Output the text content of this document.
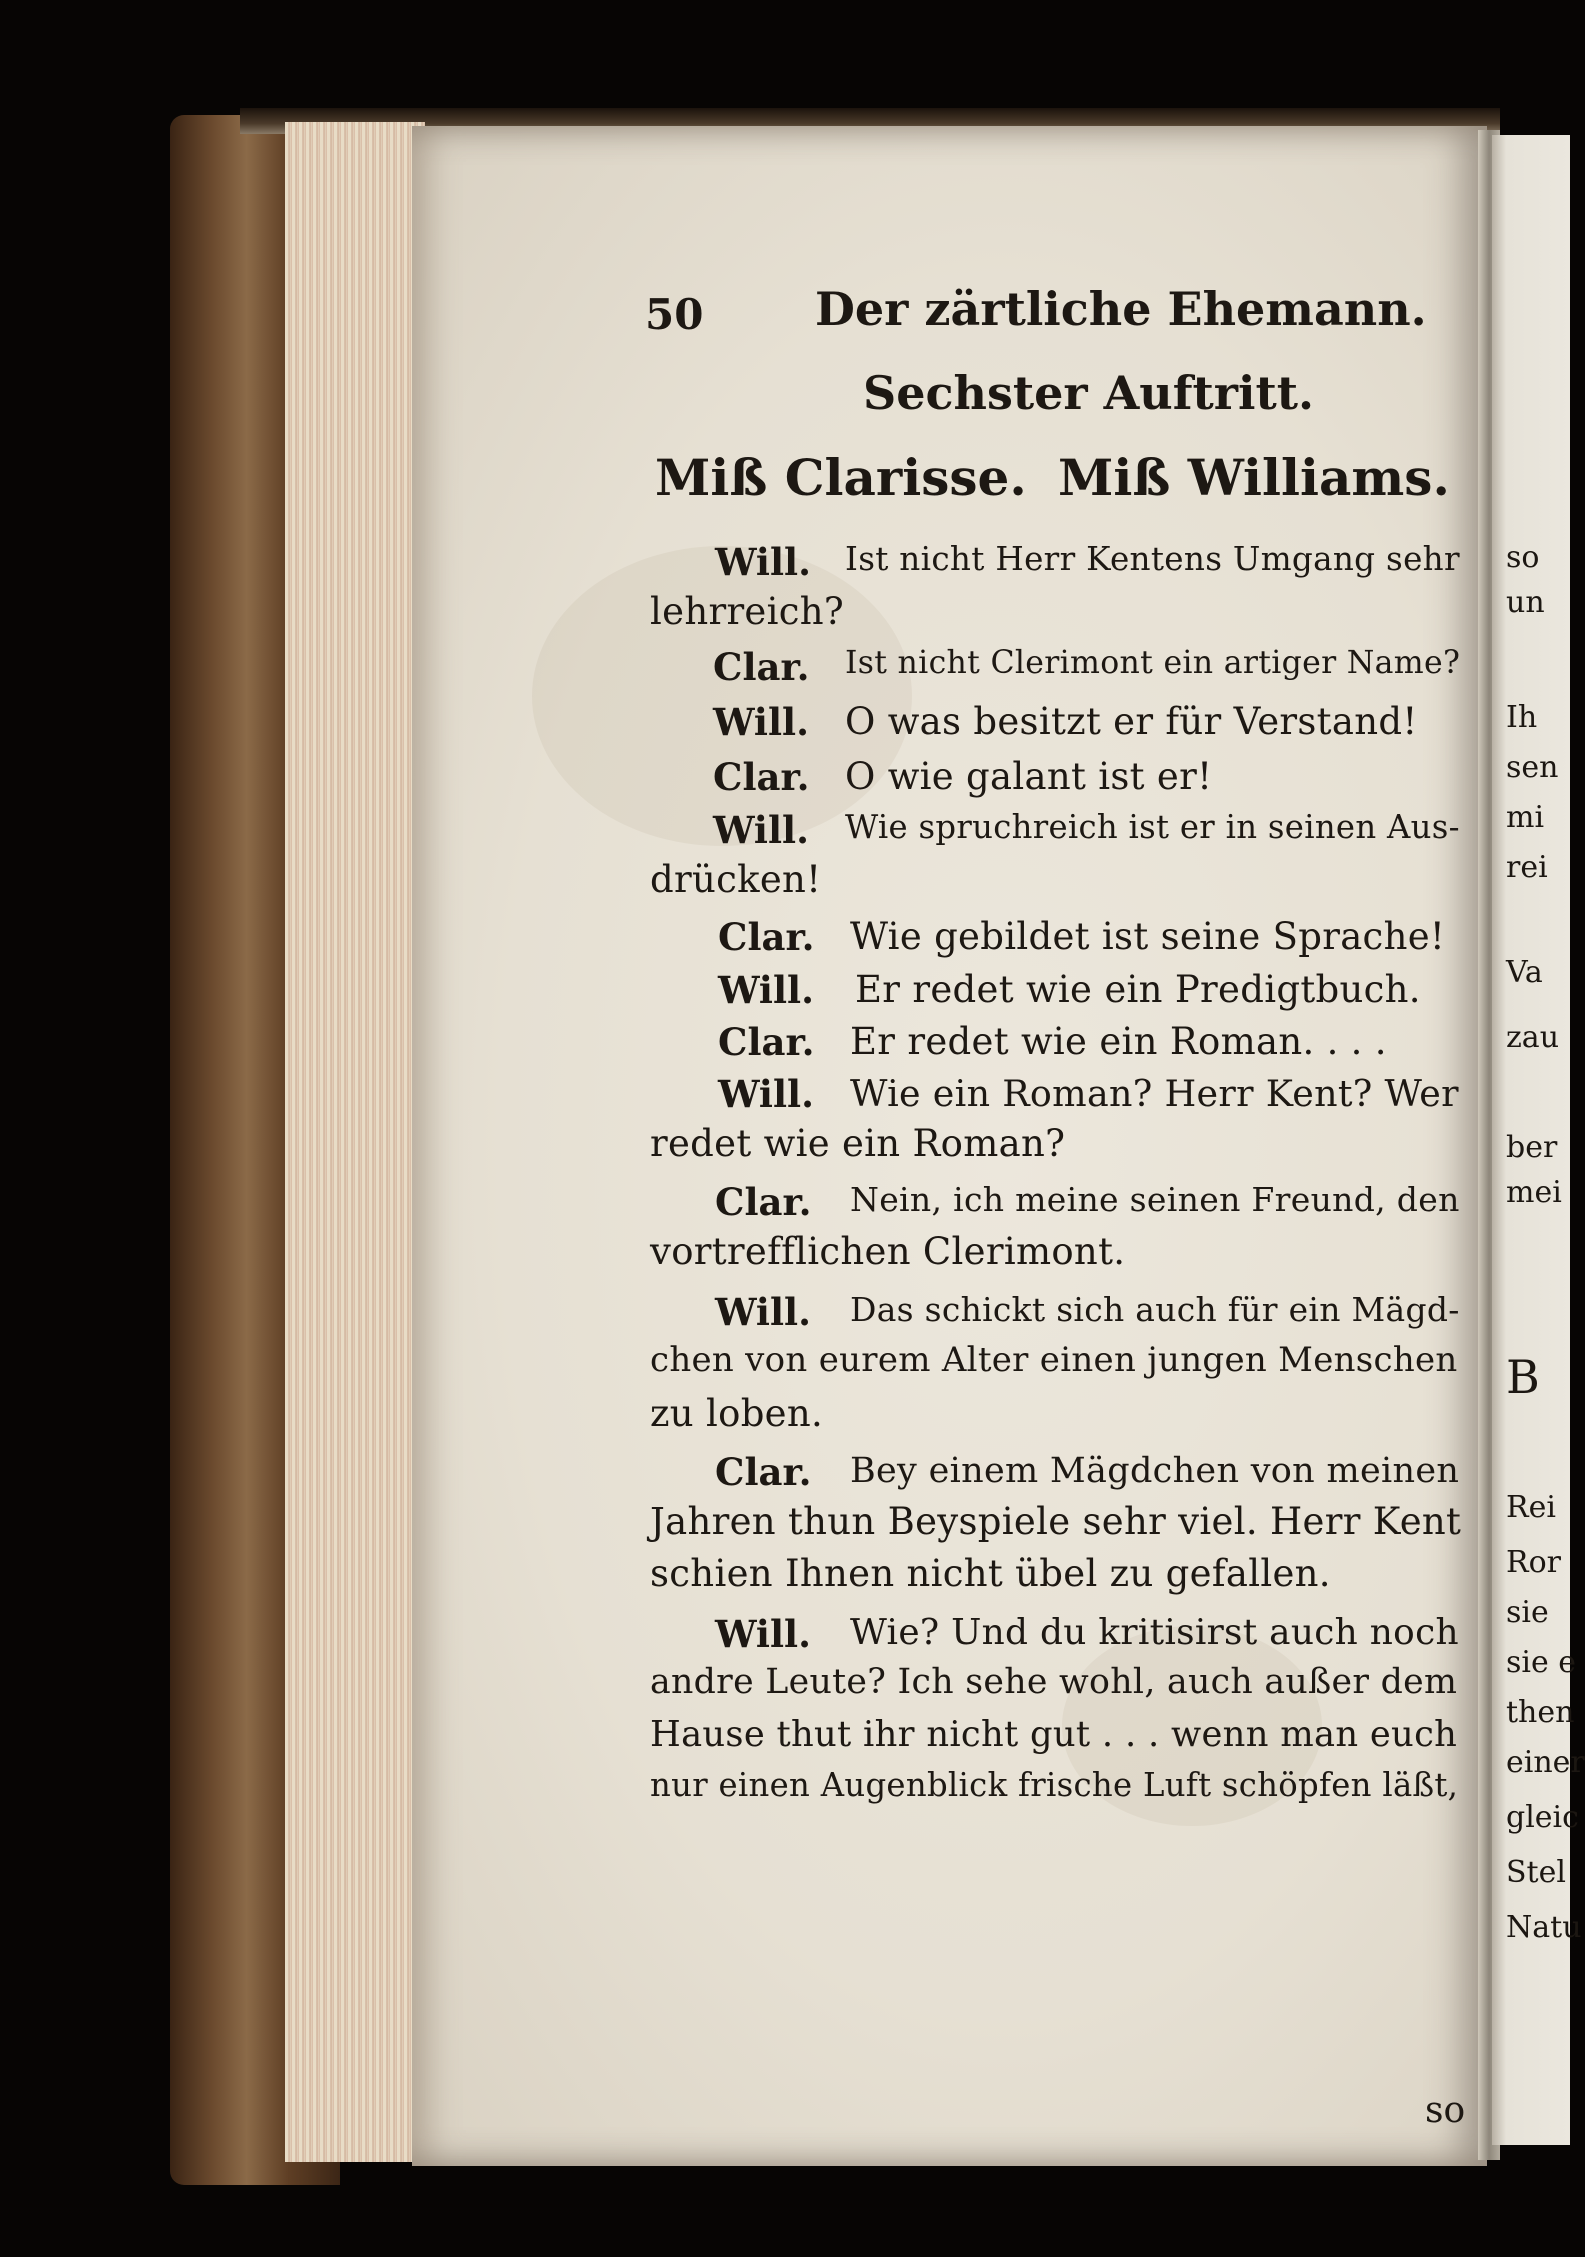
so
un
Ih
sen
mi
rei
Va
zau
ber
mei
B
Rei
Ror
sie
sie e
then
einer
gleic
Stel
Natu
50 Der zärtliche Ehemann.
Sechster Auftritt.
Miß Clarisse. Miß Williams.
Will. Ist nicht Herr Kentens Umgang sehr
lehrreich?
Clar. Ist nicht Clerimont ein artiger Name?
Will. O was besitzt er für Verstand!
Clar. O wie galant ist er!
Will. Wie spruchreich ist er in seinen Aus-
drücken!
Clar. Wie gebildet ist seine Sprache!
Will. Er redet wie ein Predigtbuch.
Clar. Er redet wie ein Roman. . . .
Will. Wie ein Roman? Herr Kent? Wer
redet wie ein Roman?
Clar. Nein, ich meine seinen Freund, den
vortrefflichen Clerimont.
Will. Das schickt sich auch für ein Mägd-
chen von eurem Alter einen jungen Menschen
zu loben.
Clar. Bey einem Mägdchen von meinen
Jahren thun Beyspiele sehr viel. Herr Kent
schien Ihnen nicht übel zu gefallen.
Will. Wie? Und du kritisirst auch noch
andre Leute? Ich sehe wohl, auch außer dem
Hause thut ihr nicht gut . . . wenn man euch
nur einen Augenblick frische Luft schöpfen läßt,
so
